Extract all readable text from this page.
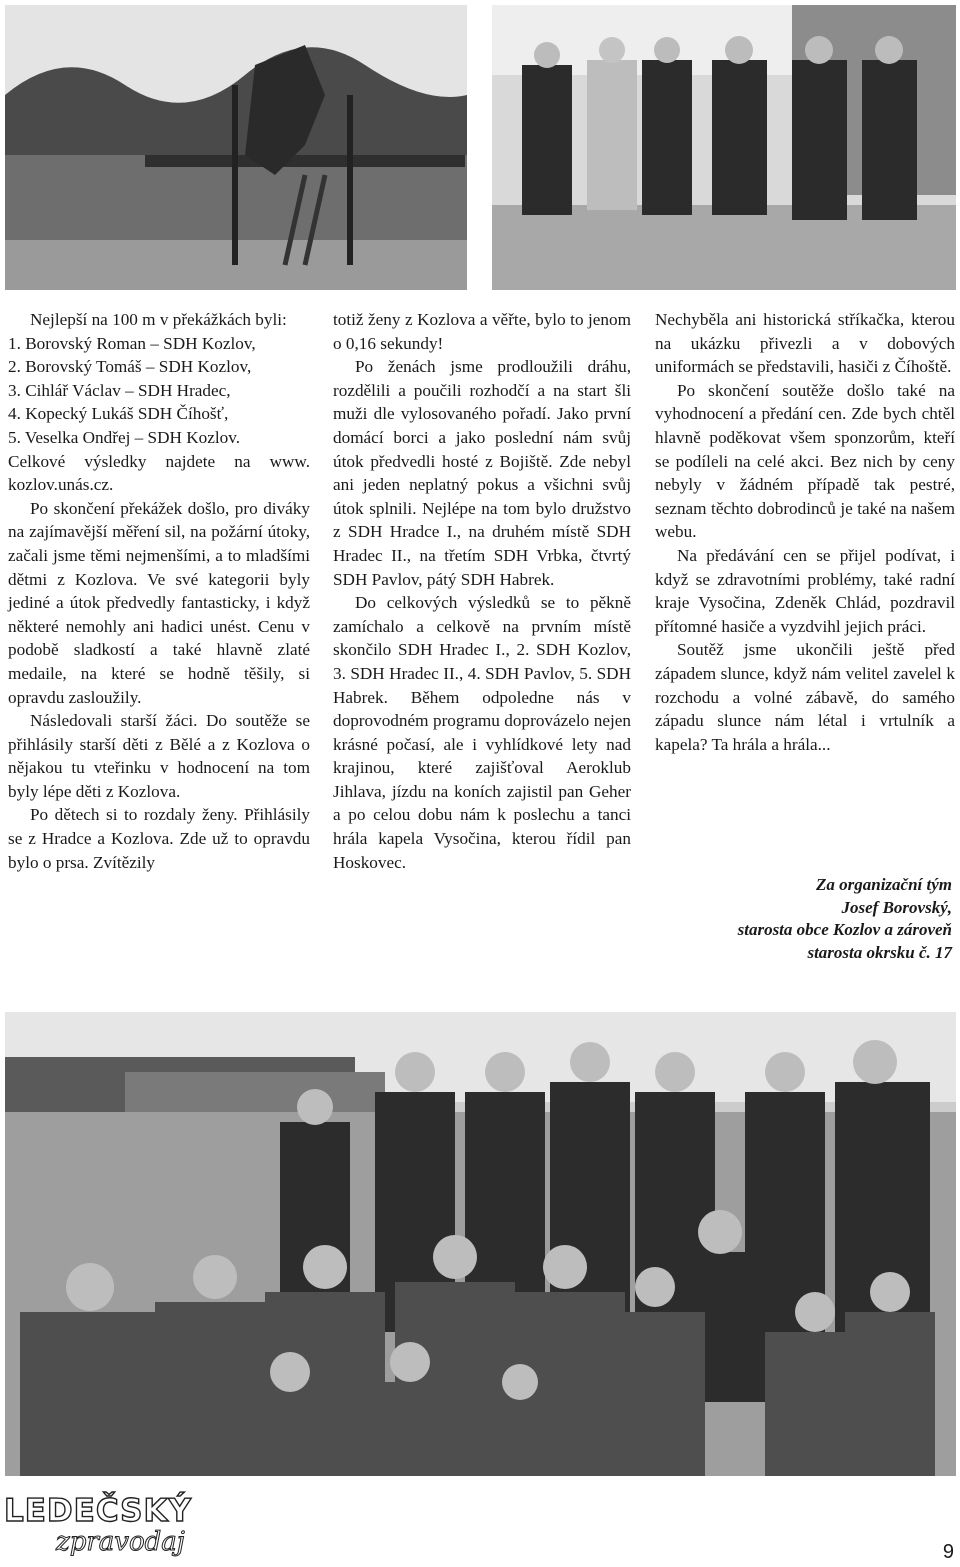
Nejlepší na 100 m v překážkách byli:

1. Borovský Roman – SDH Kozlov,

2. Borovský Tomáš – SDH Kozlov,

3. Cihlář Václav – SDH Hradec,

4. Kopecký Lukáš SDH Číhošť,

5. Veselka Ondřej – SDH Kozlov.

Celkové výsledky najdete na www. kozlov.unás.cz.

Po skončení překážek došlo, pro diváky na zajímavější měření sil, na požární útoky, začali jsme těmi nejmenšími, a to mladšími dětmi z Kozlova. Ve své kategorii byly jediné a útok předvedly fantasticky, i když některé nemohly ani hadici unést. Cenu v podobě sladkostí a také hlavně zlaté medaile, na které se hodně těšily, si opravdu zasloužily.

Následovali starší žáci. Do soutěže se přihlásily starší děti z Bělé a z Kozlova o nějakou tu vteřinku v hodnocení na tom byly lépe děti z Kozlova.

Po dětech si to rozdaly ženy. Přihlásily se z Hradce a Kozlova. Zde už to opravdu bylo o prsa. Zvítězily

totiž ženy z Kozlova a věřte, bylo to jenom o 0,16 sekundy!

Po ženách jsme prodloužili dráhu, rozdělili a poučili rozhodčí a na start šli muži dle vylosovaného pořadí. Jako první domácí borci a jako poslední nám svůj útok předvedli hosté z Bojiště. Zde nebyl ani jeden neplatný pokus a všichni svůj útok splnili. Nejlépe na tom bylo družstvo z SDH Hradce I., na druhém místě SDH Hradec II., na třetím SDH Vrbka, čtvrtý SDH Pavlov, pátý SDH Habrek.

Do celkových výsledků se to pěkně zamíchalo a celkově na prvním místě skončilo SDH Hradec I., 2. SDH Kozlov, 3. SDH Hradec II., 4. SDH Pavlov, 5. SDH Habrek. Během odpoledne nás v doprovodném programu doprovázelo nejen krásné počasí, ale i vyhlídkové lety nad krajinou, které zajišťoval Aeroklub Jihlava, jízdu na koních zajistil pan Geher a po celou dobu nám k poslechu a tanci hrála kapela Vysočina, kterou řídil pan Hoskovec.

Nechyběla ani historická stříkačka, kterou na ukázku přivezli a v dobových uniformách se představili, hasiči z Číhoště.

Po skončení soutěže došlo také na vyhodnocení a předání cen. Zde bych chtěl hlavně poděkovat všem sponzorům, kteří se podíleli na celé akci. Bez nich by ceny nebyly v žádném případě tak pestré, seznam těchto dobrodinců je také na našem webu.

Na předávání cen se přijel podívat, i když se zdravotními problémy, také radní kraje Vysočina, Zdeněk Chlád, pozdravil přítomné hasiče a vyzdvihl jejich práci.

Soutěž jsme ukončili ještě před západem slunce, když nám velitel zavelel k rozchodu a volné zábavě, do samého západu slunce nám létal i vrtulník a kapela? Ta hrála a hrála...

Za organizační tým
Josef Borovský,
starosta obce Kozlov a zároveň
starosta okrsku č. 17
LEDEČSKÝ
zpravodaj	9
